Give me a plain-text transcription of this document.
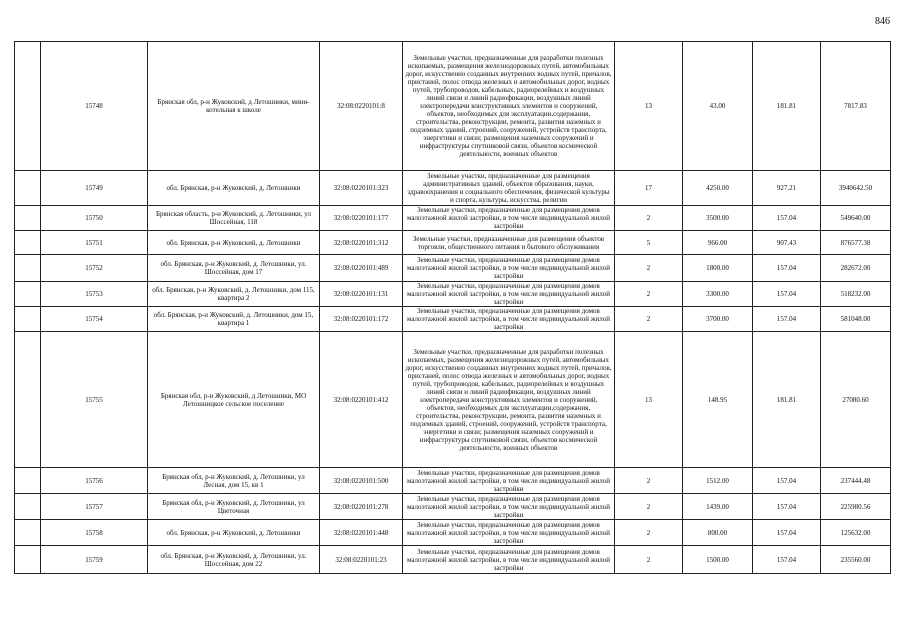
846
	15748	Брянская обл, р-н Жуковский, д Летошники, мини-котельная к школе	32:08:0220101:8	Земельные участки, предназначенные для разработки полезных ископаемых, размещения железнодорожных путей, автомобильных дорог, искусственно созданных внутренних водных путей, причалов, пристаней, полос отвода железных и автомобильных дорог, водных путей, трубопроводов, кабельных, радиорелейных и воздушных линий связи и линий радиофикации, воздушных линий электропередачи конструктивных элементов и сооружений, объектов, необходимых для эксплуатации,содержания, строительства, реконструкции, ремонта, развития наземных и подземных зданий, строений, сооружений, устройств транспорта, энергетики и связи; размещения наземных сооружений и инфраструктуры спутниковой связи, объектов космической деятельности, военных объектов	13	43.00	181.81	7817.83
	15749	обл. Брянская, р-н Жуковский, д. Летошники	32:08:0220101:323	Земельные участки, предназначенные для размещения административных зданий, объектов образования, науки, здравоохранения и социального обеспечения, физической культуры и спорта, культуры, искусства, религии	17	4250.00	927.21	3940642.50
	15750	Брянская область, р-н Жуковский, д. Летошники, ул Шоссейная, 118	32:08:0220101:177	Земельные участки, предназначенные для размещения домов малоэтажной жилой застройки, в том числе индивидуальной жилой застройки	2	3500.00	157.04	549640.00
	15751	обл. Брянская, р-н Жуковский, д. Летошники	32:08:0220101:312	Земельные участки, предназначенные для размещения объектов торговли, общественного питания и бытового обслуживания	5	966.00	907.43	876577.38
	15752	обл. Брянская, р-н Жуковский, д. Летошники, ул. Шоссейная, дом 17	32:08:0220101:489	Земельные участки, предназначенные для размещения домов малоэтажной жилой застройки, в том числе индивидуальной жилой застройки	2	1800.00	157.04	282672.00
	15753	обл. Брянская, р-н Жуковский, д. Летошники, дом 115, квартира 2	32:08:0220101:131	Земельные участки, предназначенные для размещения домов малоэтажной жилой застройки, в том числе индивидуальной жилой застройки	2	3300.00	157.04	518232.00
	15754	обл. Брянская, р-н Жуковский, д. Летошники, дом 15, квартира 1	32:08:0220101:172	Земельные участки, предназначенные для размещения домов малоэтажной жилой застройки, в том числе индивидуальной жилой застройки	2	3700.00	157.04	581048.00
	15755	Брянская обл, р-н Жуковский, д Летошники, МО Летошницкое сельское поселение	32:08:0220101:412	Земельные участки, предназначенные для разработки полезных ископаемых, размещения железнодорожных путей, автомобильных дорог, искусственно созданных внутренних водных путей, причалов, пристаней, полос отвода железных и автомобильных дорог, водных путей, трубопроводов, кабельных, радиорелейных и воздушных линий связи и линий радиофикации, воздушных линий электропередачи конструктивных элементов и сооружений, объектов, необходимых для эксплуатации,содержания, строительства, реконструкции, ремонта, развития наземных и подземных зданий, строений, сооружений, устройств транспорта, энергетики и связи; размещения наземных сооружений и инфраструктуры спутниковой связи, объектов космической деятельности, военных объектов	13	148.95	181.81	27080.60
	15756	Брянская обл, р-н Жуковский, д. Летошники, ул Лесная, дом 15, кв 1	32:08:0220101:500	Земельные участки, предназначенные для размещения домов малоэтажной жилой застройки, в том числе индивидуальной жилой застройки	2	1512.00	157.04	237444.48
	15757	Брянская обл, р-н Жуковский, д. Летошники, ул Цветочная	32:08:0220101:278	Земельные участки, предназначенные для размещения домов малоэтажной жилой застройки, в том числе индивидуальной жилой застройки	2	1439.00	157.04	225980.56
	15758	обл. Брянская, р-н Жуковский, д. Летошники	32:08:0220101:448	Земельные участки, предназначенные для размещения домов малоэтажной жилой застройки, в том числе индивидуальной жилой застройки	2	800.00	157.04	125632.00
	15759	обл. Брянская, р-н Жуковский, д. Летошники, ул. Шоссейная, дом 22	32:08:0220101:23	Земельные участки, предназначенные для размещения домов малоэтажной жилой застройки, в том числе индивидуальной жилой застройки	2	1500.00	157.04	235560.00
